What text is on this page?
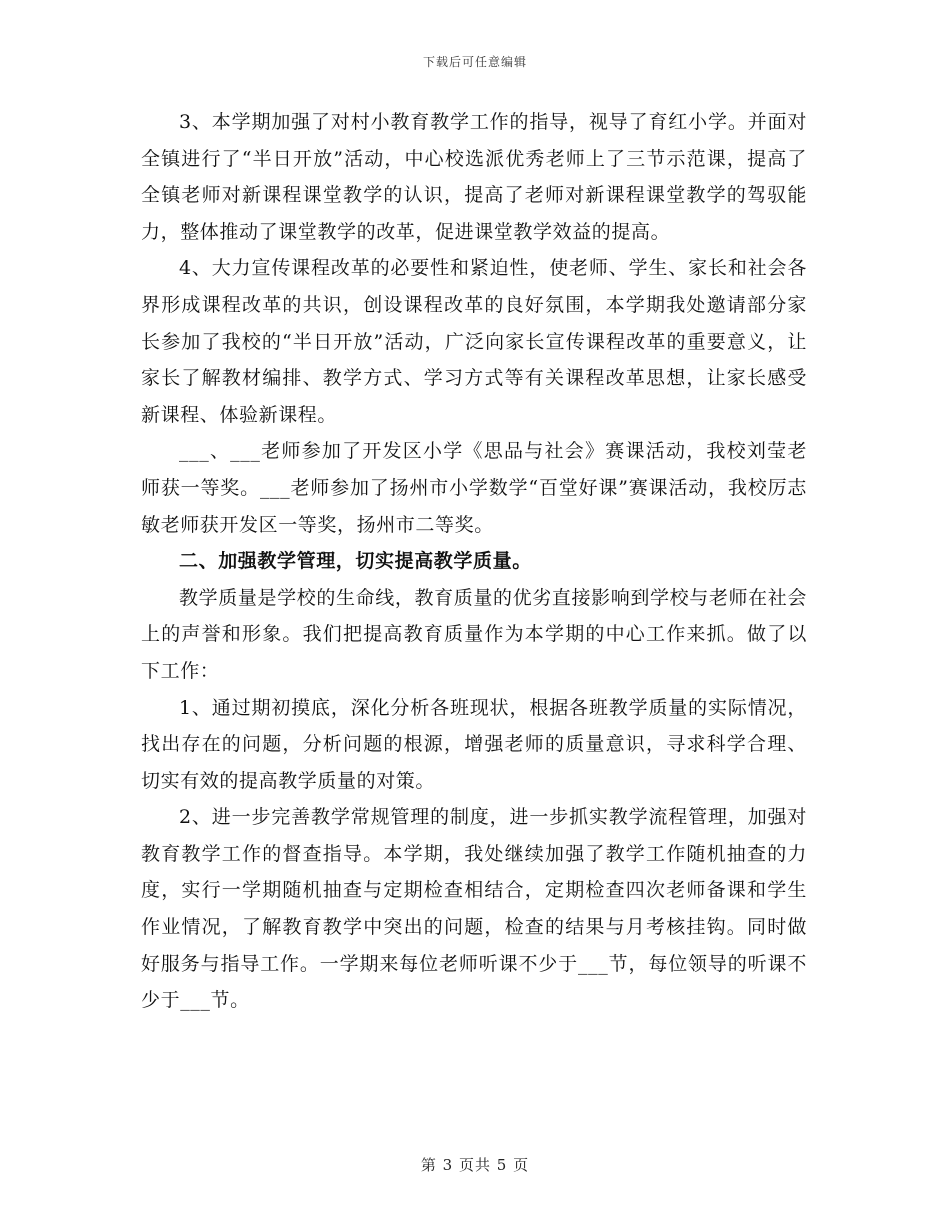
下载后可任意编辑

3、本学期加强了对村小教育教学工作的指导，视导了育红小学。并面对全镇进行了“半日开放”活动，中心校选派优秀老师上了三节示范课，提高了全镇老师对新课程课堂教学的认识，提高了老师对新课程课堂教学的驾驭能力，整体推动了课堂教学的改革，促进课堂教学效益的提高。

4、大力宣传课程改革的必要性和紧迫性，使老师、学生、家长和社会各界形成课程改革的共识，创设课程改革的良好氛围，本学期我处邀请部分家长参加了我校的“半日开放”活动，广泛向家长宣传课程改革的重要意义，让家长了解教材编排、教学方式、学习方式等有关课程改革思想，让家长感受新课程、体验新课程。

___、___老师参加了开发区小学《思品与社会》赛课活动，我校刘莹老师获一等奖。___老师参加了扬州市小学数学“百堂好课”赛课活动，我校厉志敏老师获开发区一等奖，扬州市二等奖。

二、加强教学管理，切实提高教学质量。

教学质量是学校的生命线，教育质量的优劣直接影响到学校与老师在社会上的声誉和形象。我们把提高教育质量作为本学期的中心工作来抓。做了以下工作：

1、通过期初摸底，深化分析各班现状，根据各班教学质量的实际情况，找出存在的问题，分析问题的根源，增强老师的质量意识，寻求科学合理、切实有效的提高教学质量的对策。

2、进一步完善教学常规管理的制度，进一步抓实教学流程管理，加强对教育教学工作的督查指导。本学期，我处继续加强了教学工作随机抽查的力度，实行一学期随机抽查与定期检查相结合，定期检查四次老师备课和学生作业情况，了解教育教学中突出的问题，检查的结果与月考核挂钩。同时做好服务与指导工作。一学期来每位老师听课不少于___节，每位领导的听课不少于___节。

第 3 页共 5 页
